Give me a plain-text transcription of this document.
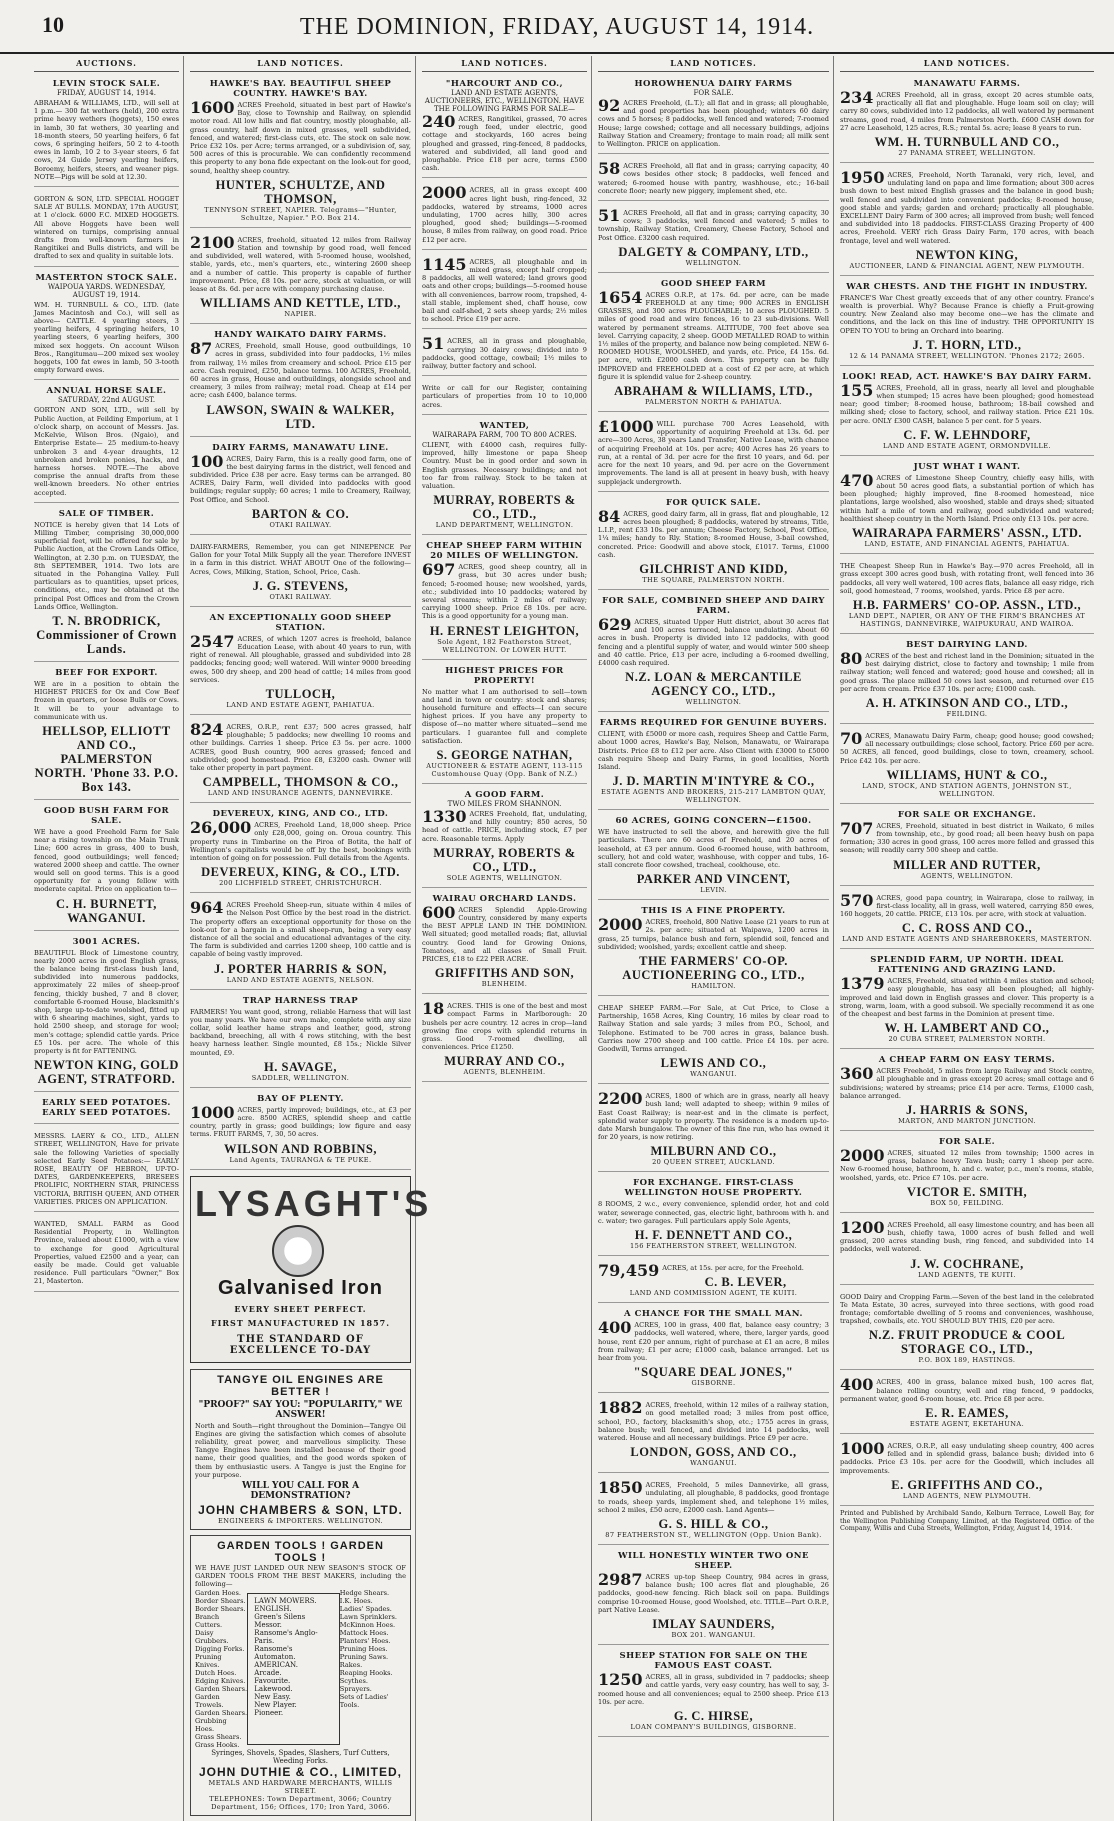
10	THE DOMINION, FRIDAY, AUGUST 14, 1914.
AUCTIONS.
LEVIN STOCK SALE.
FRIDAY, AUGUST 14, 1914.
ABRAHAM & WILLIAMS, LTD., will sell at 1 p.m.— 300 fat wethers (held), 200 extra prime heavy wethers (hoggets), 150 ewes in lamb, 30 fat wethers, 30 yearling and 18-month steers, 50 yearling heifers, 6 fat cows, 6 springing heifers, 50 2 to 4-tooth ewes in lamb, 10 2 to 3-year steers, 6 fat cows, 24 Guide Jersey yearling heifers, Boroemy, heifers, steers, and weaner pigs. NOTE—Pigs will be sold at 12.30.
GORTON & SON, LTD. SPECIAL HOGGET SALE AT BULLS. MONDAY, 17th AUGUST, at 1 o'clock. 6000 F.C. MIXED HOGGETS. All above Hoggets have been well wintered on turnips, comprising annual drafts from well-known farmers in Rangitikei and Bulls districts, and will be drafted to sex and quality in suitable lots.
MASTERTON STOCK SALE.
WAIPOUA YARDS. WEDNESDAY, AUGUST 19, 1914.
WM. H. TURNBULL & CO., LTD. (late James Macintosh and Co.), will sell as above— CATTLE. 4 yearling steers, 3 yearling heifers, 4 springing heifers, 10 yearling steers, 6 yearling heifers, 300 mixed sex hoggets. On account Wilson Bros., Rangitumau—200 mixed sex wooley hoggets, 100 fat ewes in lamb, 50 3-tooth empty forward ewes.
ANNUAL HORSE SALE.
SATURDAY, 22nd AUGUST.
GORTON AND SON, LTD., will sell by Public Auction, at Feilding Emporium, at 1 o'clock sharp, on account of Messrs. Jas. McKelvie, Wilson Bros. (Ngaio), and Enterprise Estate— 25 medium-to-heavy unbroken 3 and 4-year draughts, 12 unbroken and broken ponies, hacks, and harness horses. NOTE.—The above comprise the annual drafts from these well-known breeders. No other entries accepted.
SALE OF TIMBER.
NOTICE is hereby given that 14 Lots of Milling Timber, comprising 30,000,000 superficial feet, will be offered for sale by Public Auction, at the Crown Lands Office, Wellington, at 2.30 p.m. on TUESDAY, the 8th SEPTEMBER, 1914. Two lots are situated in the Pohangina Valley. Full particulars as to quantities, upset prices, conditions, etc., may be obtained at the principal Post Offices and from the Crown Lands Office, Wellington.
T. N. BRODRICK, Commissioner of Crown Lands.
BEEF FOR EXPORT.
WE are in a position to obtain the HIGHEST PRICES for Ox and Cow Beef frozen in quarters, or loose Bulls or Cows. It will be to your advantage to communicate with us.
HELLSOP, ELLIOTT AND CO., PALMERSTON NORTH. 'Phone 33. P.O. Box 143.
GOOD BUSH FARM FOR SALE.
WE have a good Freehold Farm for Sale near a rising township on the Main Trunk Line; 600 acres in grass, 400 to bush, fenced, good outbuildings; well fenced; watered 2000 sheep and cattle. The owner would sell on good terms. This is a good opportunity for a young fellow with moderate capital. Price on application to—
C. H. BURNETT, WANGANUI.
3001 ACRES.
BEAUTIFUL Block of Limestone country, nearly 2000 acres in good English grass, the balance being first-class bush land, subdivided into numerous paddocks, approximately 22 miles of sheep-proof fencing, thickly bushed, 7 and 8 clover, comfortable 6-roomed House, blacksmith's shop, large up-to-date woolshed, fitted up with 6 shearing machines, sight, yards to hold 2500 sheep, and storage for wool; men's cottage; splendid cattle yards. Price £5 10s. per acre. The whole of this property is fit for FATTENING.
NEWTON KING, GOLD AGENT, STRATFORD.
EARLY SEED POTATOES. EARLY SEED POTATOES.
MESSRS. LAERY & CO., LTD., ALLEN STREET, WELLINGTON, Have for private sale the following Varieties of specially selected Early Seed Potatoes:— EARLY ROSE, BEAUTY OF HEBRON, UP-TO-DATES, GARDENKEEPERS, BRESEES PROLIFIC, NORTHERN STAR, PRINCESS VICTORIA, BRITISH QUEEN, AND OTHER VARIETIES. PRICES ON APPLICATION.
WANTED, SMALL FARM as Good Residential Property, in Wellington Province, valued about £1000, with a view to exchange for good Agricultural Properties, valued £2500 and a year, can easily be made. Could get valuable residence. Full particulars "Owner," Box 21, Masterton.
LAND NOTICES.
HAWKE'S BAY. BEAUTIFUL SHEEP COUNTRY. HAWKE'S BAY.
1600 ACRES Freehold, situated in best part of Hawke's Bay, close to Township and Railway, on splendid motor road. All low hills and flat country, mostly ploughable, all-grass country, half down in mixed grasses, well subdivided, fenced, and watered; first-class cuts, etc. The stock on sale now. Price £32 10s. per Acre; terms arranged, or a subdivision of, say, 500 acres of this is procurable. We can confidently recommend this property to any bona fide expectant on the look-out for good, sound, healthy sheep country.
HUNTER, SCHULTZE, AND THOMSON,
TENNYSON STREET, NAPIER. Telegrams—"Hunter, Schultze, Napier." P.O. Box 214.
2100 ACRES, freehold, situated 12 miles from Railway Station and township by good road, well fenced and subdivided, well watered, with 5-roomed house, woolshed, stable, yards, etc., men's quarters, etc., wintering 2600 sheep and a number of cattle. This property is capable of further improvement. Price, £8 10s. per acre, stock at valuation, or will lease at 8s. 6d. per acre with company purchasing clause.
WILLIAMS AND KETTLE, LTD.,
NAPIER.
HANDY WAIKATO DAIRY FARMS.
87 ACRES, Freehold, small House, good outbuildings, 10 acres in grass, subdivided into four paddocks, 1½ miles from railway, 1½ miles from creamery and school. Price £15 per acre. Cash required, £250, balance terms. 100 ACRES, Freehold, 60 acres in grass, House and outbuildings, alongside school and creamery, 3 miles from railway; metal road. Cheap at £14 per acre; cash £400, balance terms.
LAWSON, SWAIN & WALKER, LTD.
DAIRY FARMS, MANAWATU LINE.
100 ACRES, Dairy Farm, this is a really good farm, one of the best dairying farms in the district, well fenced and subdivided. Price £38 per acre. Easy terms can be arranged. 80 ACRES, Dairy Farm, well divided into paddocks with good buildings; regular supply; 60 acres; 1 mile to Creamery, Railway, Post Office, and School.
BARTON & CO.
OTAKI RAILWAY.
DAIRY-FARMERS, Remember, you can get NINEPENCE Per Gallon for your Total Milk Supply all the year. Therefore INVEST in a farm in this district. WHAT ABOUT One of the following— Acres, Cows, Milking, Station, School, Price, Cash.
J. G. STEVENS,
OTAKI RAILWAY.
AN EXCEPTIONALLY GOOD SHEEP STATION.
2547 ACRES, of which 1207 acres is freehold, balance Education Lease, with about 40 years to run, with right of renewal. All ploughable, grassed and subdivided into 28 paddocks; fencing good; well watered. Will winter 9000 breeding ewes, 500 dry sheep, and 200 head of cattle; 14 miles from good services.
TULLOCH,
LAND AND ESTATE AGENT, PAHIATUA.
824 ACRES, O.R.P., rent £37; 500 acres grassed, half ploughable; 5 paddocks; new dwelling 10 rooms and other buildings. Carries 1 sheep. Price £3 5s. per acre. 1000 ACRES, good Bush country, 900 acres grassed; fenced and subdivided; good homestead. Price £8, £3200 cash. Owner will take other property in part payment.
CAMPBELL, THOMSON & CO.,
LAND AND INSURANCE AGENTS, DANNEVIRKE.
DEVEREUX, KING, AND CO., LTD.
26,000 ACRES, Freehold Land, 18,000 sheep. Price only £28,000, going on. Oroua country. This property runs in Timbarine on the Piroa of Botita, the half of Wellington's capitalists would be off by the best, bookings with intention of going on for possession. Full details from the Agents.
DEVEREUX, KING, & CO., LTD.
200 LICHFIELD STREET, CHRISTCHURCH.
964 ACRES Freehold Sheep-run, situate within 4 miles of the Nelson Post Office by the best road in the district. The property offers an exceptional opportunity for those on the look-out for a bargain in a small sheep-run, being a very easy distance of all the social and educational advantages of the city. The farm is subdivided and carries 1200 sheep, 100 cattle and is capable of being vastly improved.
J. PORTER HARRIS & SON,
LAND AND ESTATE AGENTS, NELSON.
TRAP HARNESS TRAP
FARMERS! You want good, strong, reliable Harness that will last you many years. We have our own make, complete with any size collar, solid leather hame straps and leather, good, strong backband, breeching, all with 4 rows stitching, with the best heavy harness leather. Single mounted, £8 15s.; Nickle Silver mounted, £9.
H. SAVAGE,
SADDLER, WELLINGTON.
BAY OF PLENTY.
1000 ACRES, partly improved; buildings, etc., at £3 per acre. 8500 ACRES, splendid sheep and cattle country, partly in grass; good buildings; low figure and easy terms. FRUIT FARMS, 7, 30, 50 acres.
WILSON AND ROBBINS,
Land Agents, TAURANGA & TE PUKE.
LYSAGHT'S
Galvanised Iron
EVERY SHEET PERFECT.
FIRST MANUFACTURED IN 1857.
THE STANDARD OF EXCELLENCE TO-DAY
TANGYE OIL ENGINES ARE BETTER !
"PROOF?" SAY YOU: "POPULARITY," WE ANSWER!
North and South—right throughout the Dominion—Tangye Oil Engines are giving the satisfaction which comes of absolute reliability, great power, and marvellous simplicity. These Tangye Engines have been installed because of their good name, their good qualities, and the good words spoken of them by enthusiastic users. A Tangye is just the Engine for your purpose.
WILL YOU CALL FOR A DEMONSTRATION?
JOHN CHAMBERS & SON, LTD.
ENGINEERS & IMPORTERS. WELLINGTON.
GARDEN TOOLS ! GARDEN TOOLS !
WE HAVE JUST LANDED OUR NEW SEASON'S STOCK OF GARDEN TOOLS FROM THE BEST MAKERS, including the following—
Garden Hoes.
Border Shears.
Border Shears.
Branch Cutters.
Daisy Grubbers.
Digging Forks.
Pruning Knives.
Dutch Hoes.
Edging Knives.
Garden Shears.
Garden Trowels.
Garden Shears.
Grubbing Hoes.
Grass Shears.
Grass Hooks.
LAWN MOWERS.
ENGLISH.
Green's Silens Messor.
Ransome's Anglo-Paris.
Ransome's Automaton.
AMERICAN.
Arcade.
Favourite.
Lakewood.
New Easy.
New Player.
Pioneer.
Hedge Shears.
I.K. Hoes.
Ladies' Spades.
Lawn Sprinklers.
McKinnon Hoes.
Mattock Hoes.
Planters' Hoes.
Pruning Hoes.
Pruning Saws.
Rakes.
Reaping Hooks.
Scythes.
Sprayers.
Sets of Ladies' Tools.
Syringes, Shovels, Spades, Slashers, Turf Cutters, Weeding Forks.
JOHN DUTHIE & CO., LIMITED,
METALS AND HARDWARE MERCHANTS, WILLIS STREET.
TELEPHONES: Town Department, 3066; Country Department, 156; Offices, 170; Iron Yard, 3066.
LAND NOTICES.
"HARCOURT AND CO.,
LAND AND ESTATE AGENTS, AUCTIONEERS, ETC., WELLINGTON. HAVE THE FOLLOWING FARMS FOR SALE—
240 ACRES, Rangitikei, grassed, 70 acres rough feed, under electric, good cottage and stockyards, 160 acres being ploughed and grassed, ring-fenced, 8 paddocks, watered and subdivided, all land good and ploughable. Price £18 per acre, terms £500 cash.
2000 ACRES, all in grass except 400 acres light bush, ring-fenced, 32 paddocks, watered by streams, 1000 acres undulating, 1700 acres hilly, 300 acres ploughed, good shed; buildings—5-roomed house, 8 miles from railway, on good road. Price £12 per acre.
1145 ACRES, all ploughable and in mixed grass, except half cropped; 8 paddocks, all well watered; land grows good oats and other crops; buildings—5-roomed house with all conveniences, barrow room, trapshed, 4-stall stable, implement shed, chaff house, cow bail and calf-shed, 2 sets sheep yards; 2½ miles to school. Price £19 per acre.
51 ACRES, all in grass and ploughable, carrying 30 dairy cows; divided into 9 paddocks, good cottage, cowbail; 1½ miles to railway, butter factory and school.
Write or call for our Register, containing particulars of properties from 10 to 10,000 acres.
WANTED,
WAIRARAPA FARM, 700 TO 800 ACRES.
CLIENT, with £4000 cash, requires fully-improved, hilly limestone or papa Sheep Country. Must be in good order and sown in English grasses. Necessary buildings; and not too far from railway. Stock to be taken at valuation.
MURRAY, ROBERTS & CO., LTD.,
LAND DEPARTMENT, WELLINGTON.
CHEAP SHEEP FARM WITHIN 20 MILES OF WELLINGTON.
697 ACRES, good sheep country, all in grass, but 30 acres under bush; fenced; 5-roomed house; new woolshed, yards, etc.; subdivided into 10 paddocks; watered by several streams; within 2 miles of railway; carrying 1000 sheep. Price £8 10s. per acre. This is a good opportunity for a young man.
H. ERNEST LEIGHTON,
Sole Agent, 182 Featherston Street, WELLINGTON. Or LOWER HUTT.
HIGHEST PRICES FOR PROPERTY!
No matter what I am authorised to sell—town and land in town or country: stock and shares; household furniture and effects—I can secure highest prices. If you have any property to dispose of—no matter where situated—send me particulars. I guarantee full and complete satisfaction.
S. GEORGE NATHAN,
AUCTIONEER & ESTATE AGENT, 113-115 Customhouse Quay (Opp. Bank of N.Z.)
A GOOD FARM.
TWO MILES FROM SHANNON.
1330 ACRES Freehold, flat, undulating, and hilly country; 850 acres, 50 head of cattle. PRICE, including stock, £7 per acre. Reasonable terms. Apply
MURRAY, ROBERTS & CO., LTD.,
SOLE AGENTS, WELLINGTON.
WAIRAU ORCHARD LANDS.
600 ACRES Splendid Apple-Growing Country, considered by many experts the BEST APPLE LAND IN THE DOMINION. Well situated; good metalled roads; flat, alluvial country. Good land for Growing Onions, Tomatoes, and all classes of Small Fruit. PRICES, £18 to £22 PER ACRE.
GRIFFITHS AND SON,
BLENHEIM.
18 ACRES. THIS is one of the best and most compact Farms in Marlborough: 20 bushels per acre country. 12 acres in crop—land growing fine crops with splendid returns in grass. Good 7-roomed dwelling, all conveniences. Price £1250.
MURRAY AND CO.,
AGENTS, BLENHEIM.
LAND NOTICES.
HOROWHENUA DAIRY FARMS
FOR SALE.
92 ACRES Freehold, (L.T.); all flat and in grass; all ploughable, and good properties has been ploughed; winters 60 dairy cows and 5 horses; 8 paddocks, well fenced and watered; 7-roomed House; large cowshed; cottage and all necessary buildings, adjoins Railway Station and Creamery; frontage to main road; all milk sent to Wellington. PRICE on application.
58 ACRES Freehold, all flat and in grass; carrying capacity, 40 cows besides other stock; 8 paddocks, well fenced and watered; 6-roomed house with pantry, washhouse, etc.; 16-bail concrete floor; nearly new piggery, implement shed, etc.
51 ACRES Freehold, all flat and in grass; carrying capacity, 30 cows; 3 paddocks, well fenced and watered; 5 miles to township, Railway Station, Creamery, Cheese Factory, School and Post Office. £3200 cash required.
DALGETY & COMPANY, LTD.,
WELLINGTON.
GOOD SHEEP FARM
1654 ACRES O.R.P., at 17s. 6d. per acre, can be made FREEHOLD at any time; 900 ACRES in ENGLISH GRASSES, and 300 acres PLOUGHABLE; 10 acres PLOUGHED. 5 miles of good road and wire fences, 16 to 23 sub-divisions. Well watered by permanent streams. ALTITUDE, 700 feet above sea level. Carrying capacity, 2 sheep. GOOD METALLED ROAD to within 1½ miles of the property, and balance now being completed. NEW 6-ROOMED HOUSE, WOOLSHED, and yards, etc. Price, £4 15s. 6d. per acre, with £2000 cash down. This property can be fully IMPROVED and FREEHOLDED at a cost of £2 per acre, at which figure it is splendid value for 2-sheep country.
ABRAHAM & WILLIAMS, LTD.,
PALMERSTON NORTH & PAHIATUA.
£1000 WILL purchase 700 Acres Leasehold, with opportunity of acquiring Freehold at 13s. 6d. per acre—300 Acres, 38 years Land Transfer, Native Lease, with chance of acquiring Freehold at 10s. per acre; 400 Acres has 26 years to run, at a rental of 3d. per acre for the first 10 years, and 6d. per acre for the next 10 years, and 9d. per acre on the Government improvements. The land is all at present in heavy bush, with heavy supplejack undergrowth.
FOR QUICK SALE.
84 ACRES, good dairy farm, all in grass, flat and ploughable, 12 acres been ploughed; 8 paddocks, watered by streams, Title, L.I.P., rent £33 10s. per annum; Cheese Factory, School, Post Office, 1¼ miles; handy to Rly. Station; 8-roomed House, 3-bail cowshed, concreted. Price: Goodwill and above stock, £1017. Terms, £1000 cash.
GILCHRIST AND KIDD,
THE SQUARE, PALMERSTON NORTH.
FOR SALE, COMBINED SHEEP AND DAIRY FARM.
629 ACRES, situated Upper Hutt district, about 30 acres flat and 100 acres terraced, balance undulating. About 60 acres in bush. Property is divided into 12 paddocks, with good fencing and a plentiful supply of water, and would winter 500 sheep and 40 cattle. Price, £13 per acre, including a 6-roomed dwelling, £4000 cash required.
N.Z. LOAN & MERCANTILE AGENCY CO., LTD.,
WELLINGTON.
FARMS REQUIRED FOR GENUINE BUYERS.
CLIENT, with £5000 or more cash, requires Sheep and Cattle Farm, about 1000 acres, Hawke's Bay, Nelson, Manawatu, or Wairarapa Districts. Price £8 to £12 per acre. Also Client with £3000 to £5000 cash require Sheep and Dairy Farms, in good localities, North Island.
J. D. MARTIN M'INTYRE & CO.,
ESTATE AGENTS AND BROKERS, 215-217 LAMBTON QUAY, WELLINGTON.
60 ACRES, GOING CONCERN—£1500.
WE have instructed to sell the above, and herewith give the full particulars. There are 60 acres of Freehold, and 20 acres of leasehold, at £3 per annum. Good 6-roomed house, with bathroom, scullery, hot and cold water, washhouse, with copper and tubs, 16-stall concrete floor cowshed, tracheal, cookhouse, etc.
PARKER AND VINCENT,
LEVIN.
THIS IS A FINE PROPERTY.
2000 ACRES, freehold, 800 Native Lease (21 years to run at 2s. per acre; situated at Waipawa, 1200 acres in grass, 25 turnips, balance bush and fern, splendid soil, fenced and subdivided; woolshed, yards; excellent cattle and sheep.
THE FARMERS' CO-OP. AUCTIONEERING CO., LTD.,
HAMILTON.
CHEAP SHEEP FARM.—For Sale, at Cut Price, to Close a Partnership, 1658 Acres, King Country, 16 miles by clear road to Railway Station and sale yards; 3 miles from P.O., School, and Telephone. Estimated to be 700 acres in grass, balance bush. Carries now 2700 sheep and 100 cattle. Price £4 10s. per acre. Goodwill, Terms arranged.
LEWIS AND CO.,
WANGANUI.
2200 ACRES, 1800 of which are in grass, nearly all heavy bush land; well adapted to sheep; within 9 miles of East Coast Railway; is near-est and in the climate is perfect, splendid water supply to property. The residence is a modern up-to-date Marsh bungalow. The owner of this fine run, who has owned it for 20 years, is now retiring.
MILBURN AND CO.,
20 QUEEN STREET, AUCKLAND.
FOR EXCHANGE. FIRST-CLASS WELLINGTON HOUSE PROPERTY.
8 ROOMS, 2 w.c., every convenience, splendid order, hot and cold water, sewerage connected, gas, electric light, bathroom with h. and c. water; two garages. Full particulars apply Sole Agents,
H. F. DENNETT AND CO.,
156 FEATHERSTON STREET, WELLINGTON.
79,459 ACRES, at 15s. per acre, for the Freehold.
C. B. LEVER,
LAND AND COMMISSION AGENT, TE KUITI.
A CHANCE FOR THE SMALL MAN.
400 ACRES, 100 in grass, 400 flat, balance easy country; 3 paddocks, well watered, where, there, larger yards, good house, rent £20 per annum, right of purchase at £1 an acre, 8 miles from railway; £1 per acre; £1000 cash, balance arranged. Let us hear from you.
"SQUARE DEAL JONES,"
GISBORNE.
1882 ACRES, freehold, within 12 miles of a railway station, on good metalled road; 3 miles from post office, school, P.O., factory, blacksmith's shop, etc.; 1755 acres in grass, balance bush; well fenced, and divided into 14 paddocks, well watered. House and all necessary buildings. Price £9 per acre.
LONDON, GOSS, AND CO.,
WANGANUI.
1850 ACRES, Freehold, 5 miles Dannevirke, all grass, undulating, all ploughable, 8 paddocks, good frontage to roads, sheep yards, implement shed, and telephone 1½ miles, school 2 miles, £50 acre, £2000 cash. Land Agents—
G. S. HILL & CO.,
87 FEATHERSTON ST., WELLINGTON (Opp. Union Bank).
WILL HONESTLY WINTER TWO ONE SHEEP.
2987 ACRES up-top Sheep Country, 984 acres in grass, balance bush; 100 acres flat and ploughable, 26 paddocks, good-new fencing. Rich black soil on papa. Buildings comprise 10-roomed House, good Woolshed, etc. TITLE—Part O.R.P., part Native Lease.
IMLAY SAUNDERS,
BOX 201. WANGANUI.
SHEEP STATION FOR SALE ON THE FAMOUS EAST COAST.
1250 ACRES, all in grass, subdivided in 7 paddocks; sheep and cattle yards, very easy country, has well to say, 3-roomed house and all conveniences; equal to 2500 sheep. Price £13 10s. per acre.
G. C. HIRSE,
LOAN COMPANY'S BUILDINGS, GISBORNE.
LAND NOTICES.
MANAWATU FARMS.
234 ACRES Freehold, all in grass, except 20 acres stumble oats, practically all flat and ploughable. Huge loam soil on clay; will carry 80 cows, subdivided into 12 paddocks, all well watered by permanent streams, good road, 4 miles from Palmerston North. £600 CASH down for 27 acre Leasehold, 125 acres, R.S.; rental 5s. acre; lease 8 years to run.
WM. H. TURNBULL AND CO.,
27 PANAMA STREET, WELLINGTON.
1950 ACRES, Freehold, North Taranaki, very rich, level, and undulating land on papa and lime formation; about 300 acres bush down to best mixed English grasses and the balance in good bush; well fenced and subdivided into convenient paddocks; 8-roomed house, good stable and yards; garden and orchard; practically all ploughable. EXCELLENT Dairy Farm of 300 acres; all improved from bush; well fenced and subdivided into 18 paddocks. FIRST-CLASS Grazing Property of 400 acres, Freehold. VERY rich Grass Dairy Farm, 170 acres, with beach frontage, level and well watered.
NEWTON KING,
AUCTIONEER, LAND & FINANCIAL AGENT, NEW PLYMOUTH.
WAR CHESTS. AND THE FIGHT IN INDUSTRY.
FRANCE'S War Chest greatly exceeds that of any other country. France's wealth is proverbial. Why? Because France is chiefly a Fruit-growing country. New Zealand also may become one—we has the climate and conditions, and the lack on this line of industry. THE OPPORTUNITY IS OPEN TO YOU to bring an Orchard into bearing.
J. T. HORN, LTD.,
12 & 14 PANAMA STREET, WELLINGTON. 'Phones 2172; 2605.
LOOK! READ, ACT. HAWKE'S BAY DAIRY FARM.
155 ACRES, Freehold, all in grass, nearly all level and ploughable when stumped; 15 acres have been ploughed; good homestead near; good timber; 8-roomed house, bathroom; 18-bail cowshed and milking shed; close to factory, school, and railway station. Price £21 10s. per acre. ONLY £300 CASH, balance 5 per cent. for 5 years.
C. F. W. LEHNDORF,
LAND AND ESTATE AGENT, ORMONDVILLE.
JUST WHAT I WANT.
470 ACRES of Limestone Sheep Country, chiefly easy hills, with about 50 acres good flats, a substantial portion of which has been ploughed; highly improved, fine 8-roomed homestead, nice plantations, large woolshed, also wooshed, stable and drays shed; situated within half a mile of town and railway, good subdivided and watered; healthiest sheep country in the North Island. Price only £13 10s. per acre.
WAIRARAPA FARMERS' ASSN., LTD.
LAND, ESTATE, AND FINANCIAL AGENTS, PAHIATUA.
THE Cheapest Sheep Run in Hawke's Bay.—970 acres Freehold, all in grass except 300 acres good bush, with rotating front, well fenced into 36 paddocks, all very well watered, 100 acres flats, balance all easy ridge, rich soil, good homestead, 7 rooms, woolshed, yards. Price £8 per acre.
H.B. FARMERS' CO-OP. ASSN., LTD.,
LAND DEPT., NAPIER, OR ANY OF THE FIRM'S BRANCHES AT HASTINGS, DANNEVIRKE, WAIPUKURAU, AND WAIROA.
BEST DAIRYING LAND.
80 ACRES of the best and richest land in the Dominion; situated in the best dairying district, close to factory and township; 1 mile from railway station; well fenced and watered; good house and cowshed; all in good grass. The place milked 50 cows last season, and returned over £15 per acre from cream. Price £37 10s. per acre; £1000 cash.
A. H. ATKINSON AND CO., LTD.,
FEILDING.
70 ACRES, Manawatu Dairy Farm, cheap; good house; good cowshed; all necessary outbuildings; close school, factory. Price £60 per acre. 50 ACRES, all fenced, good buildings, close to town, creamery, school. Price £42 10s. per acre.
WILLIAMS, HUNT & CO.,
LAND, STOCK, AND STATION AGENTS, JOHNSTON ST., WELLINGTON.
FOR SALE OR EXCHANGE.
707 ACRES, Freehold, situated in best district in Waikato, 6 miles from township, etc., by good road; all been heavy bush on papa formation; 330 acres in good grass, 100 acres more felled and grassed this season; will readily carry 500 sheep and cattle.
MILLER AND RUTTER,
AGENTS, WELLINGTON.
570 ACRES, good papa country, in Wairarapa, close to railway, in first-class locality, all in grass, well watered, carrying 850 ewes, 160 hoggets, 20 cattle. PRICE, £13 10s. per acre, with stock at valuation.
C. C. ROSS AND CO.,
LAND AND ESTATE AGENTS AND SHAREBROKERS, MASTERTON.
SPLENDID FARM, UP NORTH. IDEAL FATTENING AND GRAZING LAND.
1379 ACRES, Freehold, situated within 4 miles station and school; easy ploughable, has easy all been ploughed; all highly-improved and laid down in English grasses and clover. This property is a strong, warm, loam, with a good subsoil. We specially recommend it as one of the cheapest and best farms in the Dominion at present time.
W. H. LAMBERT AND CO.,
20 CUBA STREET, PALMERSTON NORTH.
A CHEAP FARM ON EASY TERMS.
360 ACRES Freehold, 5 miles from large Railway and Stock centre, all ploughable and in grass except 20 acres; small cottage and 6 subdivisions; watered by streams; price £14 per acre. Terms, £1000 cash, balance arranged.
J. HARRIS & SONS,
MARTON, AND MARTON JUNCTION.
FOR SALE.
2000 ACRES, situated 12 miles from township; 1500 acres in grass, balance heavy Tawa bush; carry 1 sheep per acre. New 6-roomed house, bathroom, h. and c. water, p.c., men's rooms, stable, woolshed, yards, etc. Price £7 10s. per acre.
VICTOR E. SMITH,
BOX 50, FEILDING.
1200 ACRES Freehold, all easy limestone country, and has been all bush, chiefly tawa, 1000 acres of bush felled and well grassed, 200 acres standing bush, ring fenced, and subdivided into 14 paddocks, well watered.
J. W. COCHRANE,
LAND AGENTS, TE KUITI.
GOOD Dairy and Cropping Farm.—Seven of the best land in the celebrated Te Mata Estate, 30 acres, surveyed into three sections, with good road frontage; comfortable dwelling of 5 rooms and conveniences, washhouse, trapshed, cowbails, etc. YOU SHOULD BUY THIS, £20 per acre.
N.Z. FRUIT PRODUCE & COOL STORAGE CO., LTD.,
P.O. BOX 189, HASTINGS.
400 ACRES, 400 in grass, balance mixed bush, 100 acres flat, balance rolling country, well and ring fenced, 9 paddocks, permanent water, good 6-room house, etc. Price £8 per acre.
E. R. EAMES,
ESTATE AGENT, EKETAHUNA.
1000 ACRES, O.R.P., all easy undulating sheep country, 400 acres felled and in splendid grass, balance bush; divided into 6 paddocks. Price £3 10s. per acre for the Goodwill, which includes all improvements.
E. GRIFFITHS AND CO.,
LAND AGENTS, NEW PLYMOUTH.
Printed and Published by Archibald Sando, Kelburn Terrace, Lowell Bay, for the Wellington Publishing Company, Limited, at the Registered Office of the Company, Willis and Cuba Streets, Wellington, Friday, August 14, 1914.
